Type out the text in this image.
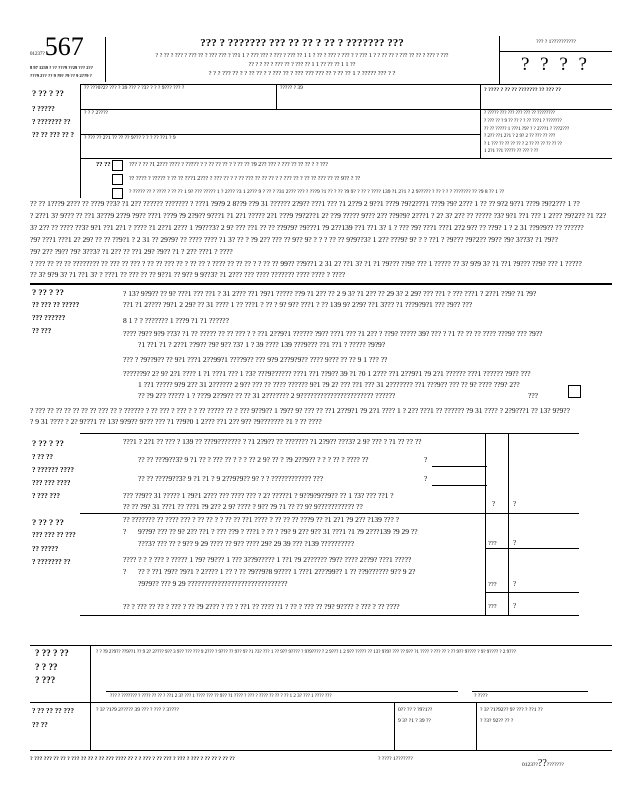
01237?567
8 97 1239 ? ?? ???9 ??29 ??? 2??
???9 2?? ?? 9 ?9? ?9 ?? 9 2??9 ?
??? ? ??????? ??? ?? ?? ? ?? ? ??????? ???
? ? ?? ? ??? ? ??? ?? ? ??? ??? ? ??1 1 ? ??? ??? ? ??? ? ??? ?? 1 1 ? ?? ? ??? ? ??? ? ? ??? 1 ? ? ?? ?? ? ??? ?? ?? ? ??? ? ???
?? ? ? ?? ? ??? ?? ? ??? ?? 1 1 ?? ?? ?? 1 1 ??
? ? ? ??? ?? ? ? ?? ?? ? ? ??? ?? ? ??? ??? ??? ?? ? ?? ?? 1 ? ????? ??? ? ?
??? ? 1??????????
? ? ? ?
? ?? ? ??
? ?????
? ??????? ??
?? ?? ??? ?? ?
?? ???0?2? ??? ? 39 ??? ? ?3? ? ? ? 9??? ??? ?	????? ? 39
? ? ? 2????
? ??? ?? 2?1 ?? ?? ?? 9??? ? ? ? ?? ??1 ? 9
? ???? ? ?? ?? ??????? ?? ??? ??
? ????? ??? ??? ??? ??? ?? ????????
? ??? ?? ? 9 ?? ?? ? ? ?? ???1 ? ???????
?? ?? ????? 1 ???1 ?9? ? ? 2???1 ? ???2???
? 2?? ??1 2?1 ? 2 9? 2 ?? ??? ?? ???
? 1 ??? ?? ?? ?? ?? ? 2 ?? ?? ?? ?? ?? ??
1 2?1 ??1 ????? ?? ??? ? ??
?? ??	??? ? ?? ?1 2??? ???? ? ????? ? ? ?? ?? ?? ? ? ?? ?? ?9 2?? ??? ? ??? ?? ?? ?? ? ? ???
?? ???? ? ????? ? ?? ?? ???1 2??? ? ??? ?? ? ? ?? ??? ?? ?? ?? ? ? ??? ?? ? ?? ?? ??? ?? ?? 9?? ? ??
? ????? ?? ? ???? ? ?? ?? 1 9? ??? ????? 1 ? 2??? ?3 1 2??? 9 ? ?? ? ?31 2??? ??? ? ???9 ?1 ?? ? ?? ?9 9? ? ?? ? ???? 139 ?1 2?1 ? 2 9????? ? ?? ? ? ? ??????? ?? ?9 8 ?? 1 ??
?? ?? 1???9 2??? ?? ???9 ??3? ?1 2?? ?????? ??????? ? ???1 ?9?9 2 8??9 ??9 31 ?????? 2?9?? ???1 ??? ?1 2??9 2 9??1 ???9 ?9?2???1 ???9 ?9? 2??? 1 ?? ?? 9?2 9??1 ???9 ?9?2??? 1 ??
? 2??1 3? 9??? ?? ??1 3???9 2??9 ?9?? ???1 ???9 ?9 2?9?? 9???1 ?1 2?1 ????? 2?1 ???9 ?9?2??1 2? ??9 ????? 9??? 2?? ??9?9? 2???1 ? 2? 3? 2?? ?? ????? ?3? 9?1 ??1 ??? 1 2??? ?9?2?? ?1 ?2?
3? 2?? ?? ???? ??3? 9?1 ??1 2?1 ? ???? ?1 2??1 2??? 1 ?9???3? 2 9? ??? ??1 ?? ?? ??9?9? ?9???1 ?9 2??139 ??1 ??1 3? 1 ? ??? ?9? ???1 ???1 2?2 9?? ?? ??9? 1 ? 2 31 ??9?9?? ?? ??????
?9? ???1 ???1 2? 29? ?? ?? ??9?1 ? 2 31 ?? 29?9? ?? ???? ???? ?1 3? ?? ? ?9 2?? ??? ?? 9?? 9? ? ? ? ?? ?? 9?9??3? 1 2?? ???9? 9? ? ? ??1 ? ?9??? ?9?2?? ?9?? ?9? 3??3? ?1 ?9??
?9? 2?? ?9?? ?9? 3??3? ?1 2?? ?? ??1 29? ?9?? ?1 ? 2?? ???1 ? ????
? ??? ?? ?? ?? ???????? ?? ??? ?? ??? ? ?? ?? ??? ?? ? ?? ?? ? ???? ?? ?? ?? ? ? ?? ?? 99?? ??9??1 2 31 2? ??1 3? ?1 ?1 ?9??? ??9? ??? 1 ????? ?? 3? 9?9 3? ?1 ??1 ?9??? ??9? ??? 1 ?????
?? 3? 9?9 3? ?1 ??1 3? ? ???1 ?? ??? ?? ?? 9??1 ?? 9?? 9 9??3? ?1 2??? ??? ???? ??????? ???? ???? ? ????
? ?? ? ??
?? ??? ?? ?????
??? ??????
?? ???
? 13? 9?9?? ?? 9? ???1 ??? ??1 ? 31 2??? ??1 ?9?1 ????? ??9 ?1 2?? ?? 2 9 3? ?1 2?? ?? 29 3? 2 29? ??? ??1 ? ??? ???1 ? 2??1 ??9? ?1 ?9?
??1 ?1 2???? ?9?1 2 29? ?? 31 ???? 1 ?? ???1 ? ?? ? 9? 9?? ???1 ? ?? 139 9? 2?9? ??1 3??? ?1 ???9?9?1 ??? ?9?? ???
8 1 ? ? ??????? 1 ???9 ?1 ?1 ??????
???? ?9?? 9?9 ??3? ?1 ?? ????? ?? ?? ??? ? ? ??1 2??9?1 ?????? ?9?? ???1 ??? ?1 2?? ? ??9? ????? 39? ??? ? ?1 ?? ?? ?? ???? ???9? ??? ?9??
?1 ??1 ?1 ? 2??1 ??9?? ?9? 9?? ?3? 1 ? 39 ???? 139 ???9??? ??1 ??1 ? ????? ?9?9?
??? ? ?9??9?? ?? 9?1 ???1 2??99?1 ????9?? ??? 9?9 2??9?9?? ???? 9??? ?? ?? 9 1 ??? ??
??????9? 2? 9? 2?1 ???? 1 ?1 ???1 ??? 1 ?3? ???9?????? ???1 ??1 ??9?? 39 ?1 ?0 1 2??? ??1 2??9?1 ?9 2?1 ?????? ???1 ?????? ?9?? ???
1 ??1 ????? 9?9 2?? 31 2?????? 2 9?? ??? ?? ???? ?????? 9?1 ?9 2? ??? ??1 ??? 31 2??????? ??1 ???9?? ??? ?? 9? ???? ??9? 2??
?? ?9 2?? ????? 1 ? ???9 2??9?? ?? ?? 31 2??????? 2 9?????????????????????? ??????	???
? ??? ?? ?? ?? ?? ?? ?? ??? ?? ? ?????? ? ?? ??? ? ??? ? ? ?? ????? ?? ? ??? 9??9?? 1 ?9?? 9? ??? ?? ??1 2??9?1 ?9 2?1 ???? 1 ? 2?? ???1 ?? ?????? ?9 31 ???? ? 2?9???1 ?? 13? 9?9??
? 9 31 ???? ? 2? 9???1 ?? 13? 9?9?? 9??? ??? ?1 ??9?0 1 2??? ??1 2?? 9?? ?9??????? ?1 ? ?? ????
? ?? ? ??
? ?? ??
? ?????? ????
??? ??? ????
? ??? ???
???1 ? 2?1 ?? ??? ? 139 ?? ???9??????? ? ?1 2?9?? ?? ??????? ?1 2?9?? ???3? 2 9? ??? ? ?1 ?? ?? ??
?? ?? ???9??3? 9 ?1 ?? ? ??? ?? ? ? ? ?? 2 9? ?? ? ?9 2??9?? ? ? ? ?? ? ???? ??	?
?? ?? ????9??3? 9 ?1 ?1 ? 9 2??9?9?? 9? ? ? ???????????? ???	?
??? ??9?? 31 ????? 1 ?9?1 2??? ??? ???? ??? ? 2? ?????1 ? 9??9?9??9?? ?? 1 ?3? ??? ??1 ?
?? ?? ?9? 31 ???1 ?? ???1 ?9 2?? 2 9? ???? ? 9?? ?9 ?1 ?? ?? 9? 9??????????? ??	?	?
? ?? ? ??
??? ??? ?? ???
?? ?????
? ??????? ??
?? ??????? ?? ???? ??? ? ?? ?? ? ? ?? ?? ??1 ???? ? ?? ?? ?? ???9 ?? ?1 2?1 ?9 2?? ?139 ??? ?
? 9??9? ??? ?? 9? 2?? ??1 ? ??? ??9 ? ???1 ? ?? ? ?9? 9 2?? 9?? 31 ???1 ?1 ?9 2???139 ?9 29 ??
???3? ??? ?? ? 9?? 9 29 ???? ?? 9?? ???? 29? 29 39 ??? ?139 ??????????	??? ?
???? ? ? ? ??? ? ????? 1 ?9? ?9??? 1 ??? 3??9????? 1 ??1 ?9 2?????? ?9?? ???? 2??9? ???1 ?????
? ?? ? ??1 ?9?? ?9?1 ? 2???? 1 ?? ? ?? ?9??9?8 9???? 1 ???1 2???99?? 1 ?? ??9?????? 9?? 9 2?
?9?9?? ??? 9 29 ??????????????????????????????	??? ?
?? ? ??? ?? ?? ? ??? ? ?? ?9 2??? ? ?? ? ??1 ?? ???? ?1 ? ?? ? ??? ?? ?9? 9???? ? ??? ? ?? ????	??? ?
? ?? ? ??
? ? ??
? ???
? ? ?9 2?9?? ??9??1 ?? 9 2? 2???? 9?? 3 9?? ??? ??? 9 2??? ? 9??? ?? 9?? 9? ?1 ?3? ??? 1 ?? 9?? 9???? ? 9?9???? ? 2 9??? 1 2 9?? ????? ?? 13? 9?9? ??? ?? 9?? ?1 ???? ? ??? ?? ? ?? 9?? 9???? ? 9? 9???? ? 2 9???
??? ? ??????? ? ???? ?? ?? ? ??1 2 3? ??? 1 ???? ??? ?? 9?? ?1 ???? ? ??? ? ???? ?? ?? ? ?? 1 2 3? ??? 1 ???? ???	? ????
? ?? ?? ?? ???
?? ??
? 3? ?1?9 2????? 39 ??? ? ??? ? 3????	0?? ?? ? ?9?1??
9 3? ?1 ? 39 ??
? 3? ?1?92?? 9? ??? ? ??1 ??
? ?3? 92?? ?? ?
? ??? ??? ?? ?? ? ??? ?? ?? ? ?? ??? ???? ?? ? ? ??? ? ?? ??? ? ??? ? ??? ? ?? ?? ? ?? ??	? ???? 1???????
0123???????????
